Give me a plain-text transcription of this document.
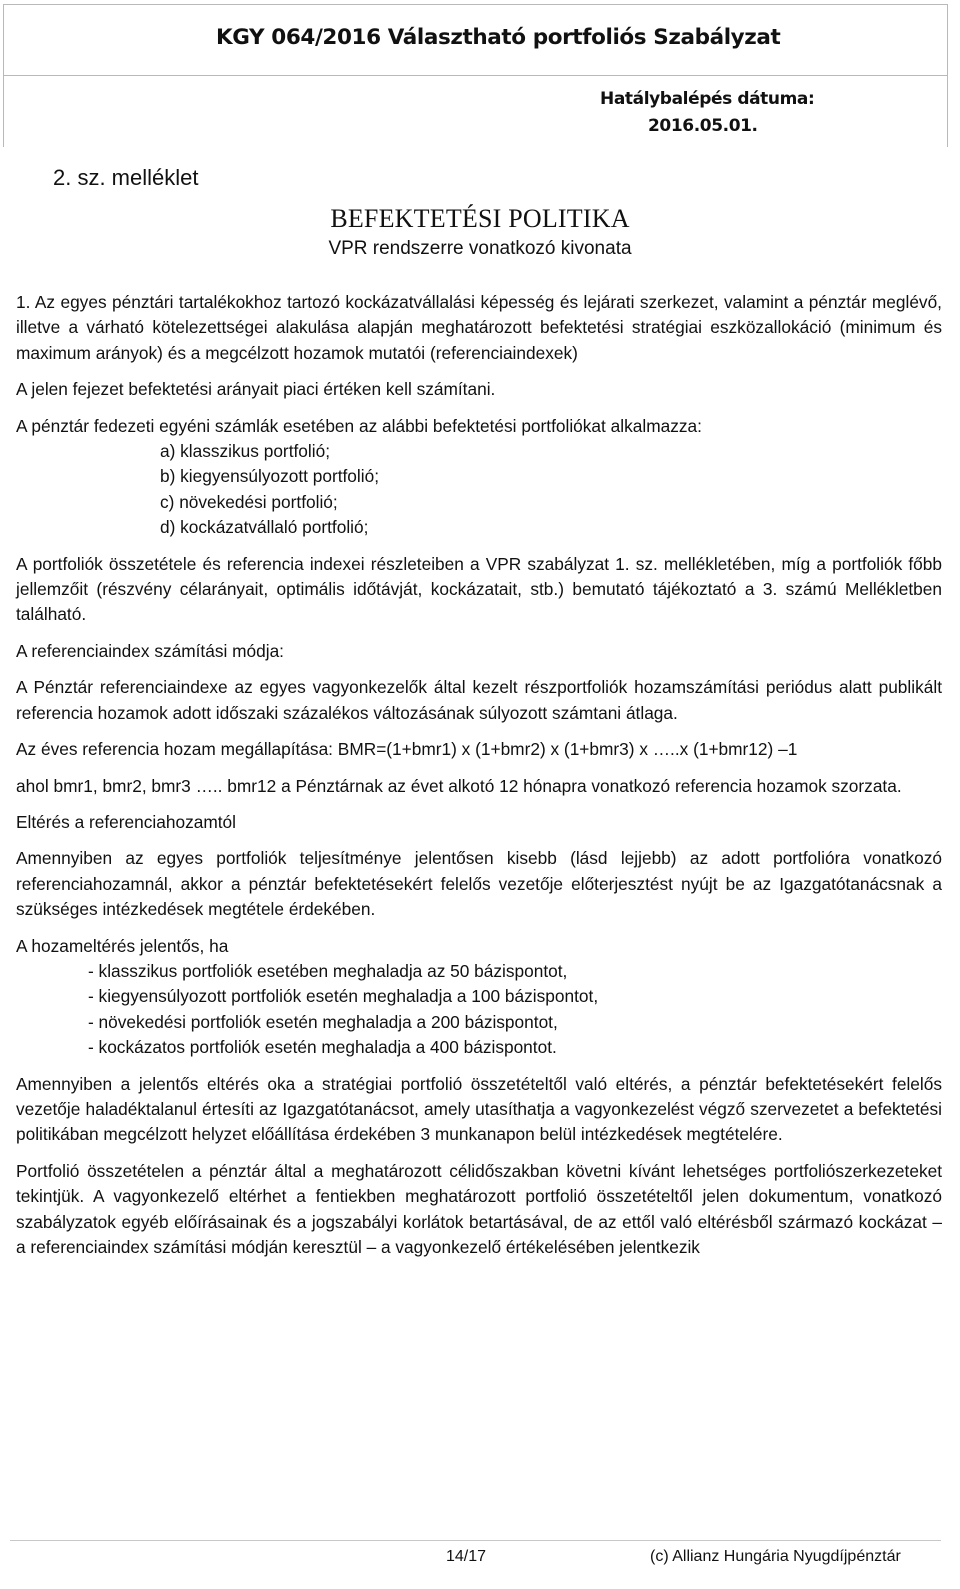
KGY 064/2016 Választható portfoliós Szabályzat
Hatálybalépés dátuma:
2016.05.01.
2. sz. melléklet
BEFEKTETÉSI POLITIKA
VPR rendszerre vonatkozó kivonata

1. Az egyes pénztári tartalékokhoz tartozó kockázatvállalási képesség és lejárati szerkezet, valamint a pénztár meglévő, illetve a várható kötelezettségei alakulása alapján meghatározott befektetési stratégiai eszközallokáció (minimum és maximum arányok) és a megcélzott hozamok mutatói (referenciaindexek)

A jelen fejezet befektetési arányait piaci értéken kell számítani.

A pénztár fedezeti egyéni számlák esetében az alábbi befektetési portfoliókat alkalmazza:

a) klasszikus portfolió;

b) kiegyensúlyozott portfolió;

c) növekedési portfolió;

d) kockázatvállaló portfolió;

A portfoliók összetétele és referencia indexei részleteiben a VPR szabályzat 1. sz. mellékletében, míg a portfoliók főbb jellemzőit (részvény célarányait, optimális időtávját, kockázatait, stb.) bemutató tájékoztató a 3. számú Mellékletben található.

A referenciaindex számítási módja:

A Pénztár referenciaindexe az egyes vagyonkezelők által kezelt részportfoliók hozamszámítási periódus alatt publikált referencia hozamok adott időszaki százalékos változásának súlyozott számtani átlaga.

Az éves referencia hozam megállapítása: BMR=(1+bmr1) x (1+bmr2) x (1+bmr3) x …..x (1+bmr12) –1

ahol bmr1, bmr2, bmr3 ….. bmr12 a Pénztárnak az évet alkotó 12 hónapra vonatkozó referencia hozamok szorzata.

Eltérés a referenciahozamtól

Amennyiben az egyes portfoliók teljesítménye jelentősen kisebb (lásd lejjebb) az adott portfolióra vonatkozó referenciahozamnál, akkor a pénztár befektetésekért felelős vezetője előterjesztést nyújt be az Igazgatótanácsnak a szükséges intézkedések megtétele érdekében.

A hozameltérés jelentős, ha

- klasszikus portfoliók esetében meghaladja az 50 bázispontot,

- kiegyensúlyozott portfoliók esetén meghaladja a 100 bázispontot,

- növekedési portfoliók esetén meghaladja a 200 bázispontot,

- kockázatos portfoliók esetén meghaladja a 400 bázispontot.

Amennyiben a jelentős eltérés oka a stratégiai portfolió összetételtől való eltérés, a pénztár befektetésekért felelős vezetője haladéktalanul értesíti az Igazgatótanácsot, amely utasíthatja a vagyonkezelést végző szervezetet a befektetési politikában megcélzott helyzet előállítása érdekében 3 munkanapon belül intézkedések megtételére.

Portfolió összetételen a pénztár által a meghatározott célidőszakban követni kívánt lehetséges portfoliószerkezeteket tekintjük. A vagyonkezelő eltérhet a fentiekben meghatározott portfolió összetételtől jelen dokumentum, vonatkozó szabályzatok egyéb előírásainak és a jogszabályi korlátok betartásával, de az ettől való eltérésből származó kockázat – a referenciaindex számítási módján keresztül – a vagyonkezelő értékelésében jelentkezik

14/17	(c) Allianz Hungária Nyugdíjpénztár
